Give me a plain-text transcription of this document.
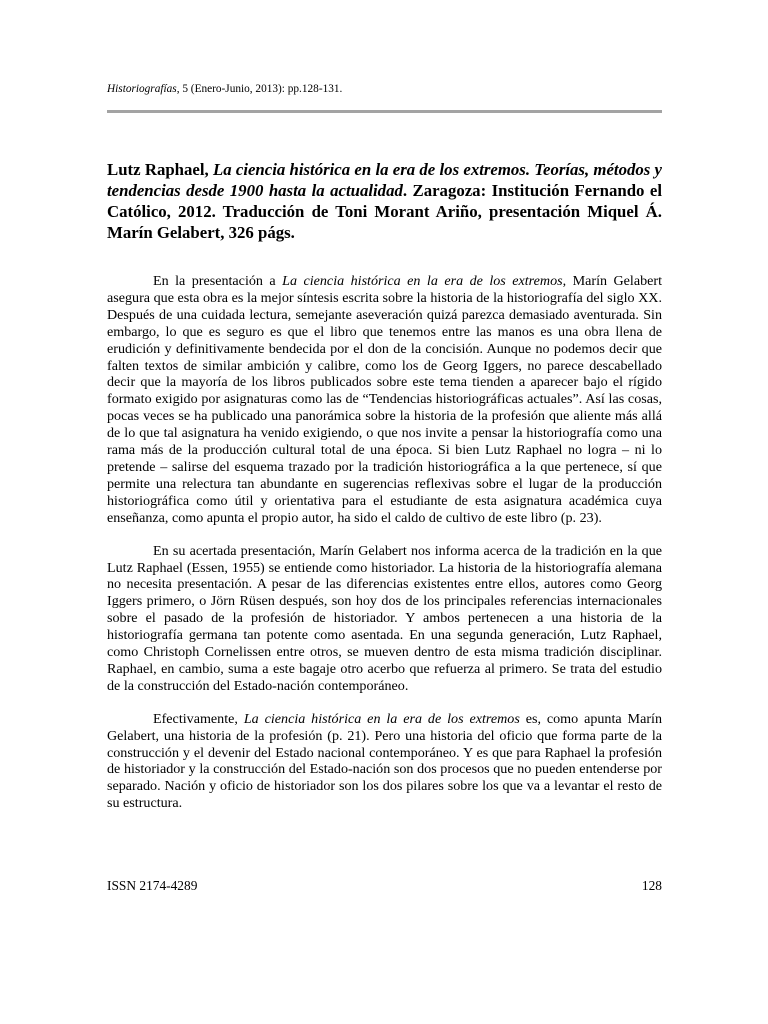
Historiografías, 5 (Enero-Junio, 2013): pp.128-131.
Lutz Raphael, La ciencia histórica en la era de los extremos. Teorías, métodos y tendencias desde 1900 hasta la actualidad. Zaragoza: Institución Fernando el Católico, 2012. Traducción de Toni Morant Ariño, presentación Miquel Á. Marín Gelabert, 326 págs.

En la presentación a La ciencia histórica en la era de los extremos, Marín Gelabert asegura que esta obra es la mejor síntesis escrita sobre la historia de la historiografía del siglo XX. Después de una cuidada lectura, semejante aseveración quizá parezca demasiado aventurada. Sin embargo, lo que es seguro es que el libro que tenemos entre las manos es una obra llena de erudición y definitivamente bendecida por el don de la concisión. Aunque no podemos decir que falten textos de similar ambición y calibre, como los de Georg Iggers, no parece descabellado decir que la mayoría de los libros publicados sobre este tema tienden a aparecer bajo el rígido formato exigido por asignaturas como las de “Tendencias historiográficas actuales”. Así las cosas, pocas veces se ha publicado una panorámica sobre la historia de la profesión que aliente más allá de lo que tal asignatura ha venido exigiendo, o que nos invite a pensar la historiografía como una rama más de la producción cultural total de una época. Si bien Lutz Raphael no logra – ni lo pretende – salirse del esquema trazado por la tradición historiográfica a la que pertenece, sí que permite una relectura tan abundante en sugerencias reflexivas sobre el lugar de la producción historiográfica como útil y orientativa para el estudiante de esta asignatura académica cuya enseñanza, como apunta el propio autor, ha sido el caldo de cultivo de este libro (p. 23).

En su acertada presentación, Marín Gelabert nos informa acerca de la tradición en la que Lutz Raphael (Essen, 1955) se entiende como historiador. La historia de la historiografía alemana no necesita presentación. A pesar de las diferencias existentes entre ellos, autores como Georg Iggers primero, o Jörn Rüsen después, son hoy dos de los principales referencias internacionales sobre el pasado de la profesión de historiador. Y ambos pertenecen a una historia de la historiografía germana tan potente como asentada. En una segunda generación, Lutz Raphael, como Christoph Cornelissen entre otros, se mueven dentro de esta misma tradición disciplinar. Raphael, en cambio, suma a este bagaje otro acerbo que refuerza al primero. Se trata del estudio de la construcción del Estado-nación contemporáneo.

Efectivamente, La ciencia histórica en la era de los extremos es, como apunta Marín Gelabert, una historia de la profesión (p. 21). Pero una historia del oficio que forma parte de la construcción y el devenir del Estado nacional contemporáneo. Y es que para Raphael la profesión de historiador y la construcción del Estado-nación son dos procesos que no pueden entenderse por separado. Nación y oficio de historiador son los dos pilares sobre los que va a levantar el resto de su estructura.

ISSN 2174-4289	128
